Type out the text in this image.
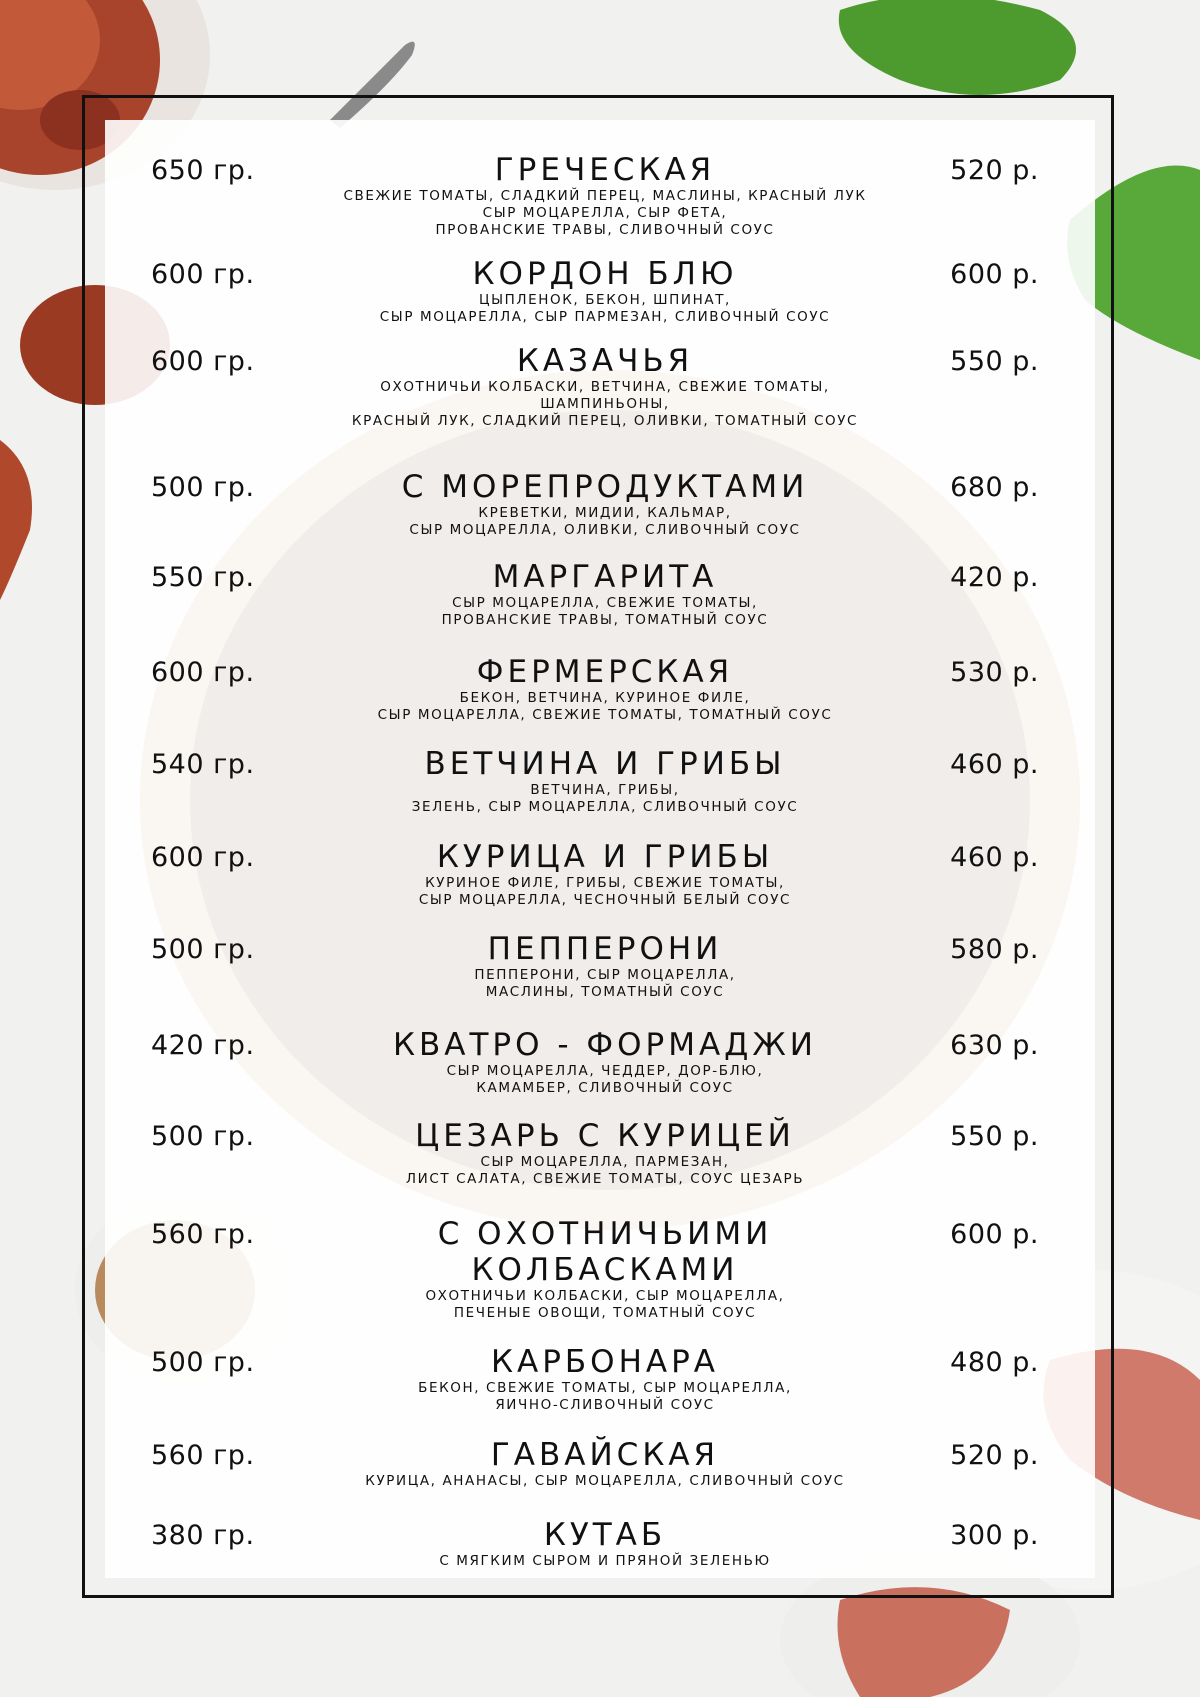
650 гр.	ГРЕЧЕСКАЯ
СВЕЖИЕ ТОМАТЫ, СЛАДКИЙ ПЕРЕЦ, МАСЛИНЫ, КРАСНЫЙ ЛУК
СЫР МОЦАРЕЛЛА, СЫР ФЕТА,
ПРОВАНСКИЕ ТРАВЫ, СЛИВОЧНЫЙ СОУС
520 р.
600 гр.	КОРДОН БЛЮ
ЦЫПЛЕНОК, БЕКОН, ШПИНАТ,
СЫР МОЦАРЕЛЛА, СЫР ПАРМЕЗАН, СЛИВОЧНЫЙ СОУС
600 р.
600 гр.	КАЗАЧЬЯ
ОХОТНИЧЬИ КОЛБАСКИ, ВЕТЧИНА, СВЕЖИЕ ТОМАТЫ,
ШАМПИНЬОНЫ,
КРАСНЫЙ ЛУК, СЛАДКИЙ ПЕРЕЦ, ОЛИВКИ, ТОМАТНЫЙ СОУС
550 р.
500 гр.	С МОРЕПРОДУКТАМИ
КРЕВЕТКИ, МИДИИ, КАЛЬМАР,
СЫР МОЦАРЕЛЛА, ОЛИВКИ, СЛИВОЧНЫЙ СОУС
680 р.
550 гр.	МАРГАРИТА
СЫР МОЦАРЕЛЛА, СВЕЖИЕ ТОМАТЫ,
ПРОВАНСКИЕ ТРАВЫ, ТОМАТНЫЙ СОУС
420 р.
600 гр.	ФЕРМЕРСКАЯ
БЕКОН, ВЕТЧИНА, КУРИНОЕ ФИЛЕ,
СЫР МОЦАРЕЛЛА, СВЕЖИЕ ТОМАТЫ, ТОМАТНЫЙ СОУС
530 р.
540 гр.	ВЕТЧИНА И ГРИБЫ
ВЕТЧИНА, ГРИБЫ,
ЗЕЛЕНЬ, СЫР МОЦАРЕЛЛА, СЛИВОЧНЫЙ СОУС
460 р.
600 гр.	КУРИЦА И ГРИБЫ
КУРИНОЕ ФИЛЕ, ГРИБЫ, СВЕЖИЕ ТОМАТЫ,
СЫР МОЦАРЕЛЛА, ЧЕСНОЧНЫЙ БЕЛЫЙ СОУС
460 р.
500 гр.	ПЕППЕРОНИ
ПЕППЕРОНИ, СЫР МОЦАРЕЛЛА,
МАСЛИНЫ, ТОМАТНЫЙ СОУС
580 р.
420 гр.	КВАТРО - ФОРМАДЖИ
СЫР МОЦАРЕЛЛА, ЧЕДДЕР, ДОР-БЛЮ,
КАМАМБЕР, СЛИВОЧНЫЙ СОУС
630 р.
500 гр.	ЦЕЗАРЬ С КУРИЦЕЙ
СЫР МОЦАРЕЛЛА, ПАРМЕЗАН,
ЛИСТ САЛАТА, СВЕЖИЕ ТОМАТЫ, СОУС ЦЕЗАРЬ
550 р.
560 гр.	С ОХОТНИЧЬИМИ
КОЛБАСКАМИ
ОХОТНИЧЬИ КОЛБАСКИ, СЫР МОЦАРЕЛЛА,
ПЕЧЕНЫЕ ОВОЩИ, ТОМАТНЫЙ СОУС
600 р.
500 гр.	КАРБОНАРА
БЕКОН, СВЕЖИЕ ТОМАТЫ, СЫР МОЦАРЕЛЛА,
ЯИЧНО-СЛИВОЧНЫЙ СОУС
480 р.
560 гр.	ГАВАЙСКАЯ
КУРИЦА, АНАНАСЫ, СЫР МОЦАРЕЛЛА, СЛИВОЧНЫЙ СОУС
520 р.
380 гр.	КУТАБ
С МЯГКИМ СЫРОМ И ПРЯНОЙ ЗЕЛЕНЬЮ
300 р.
